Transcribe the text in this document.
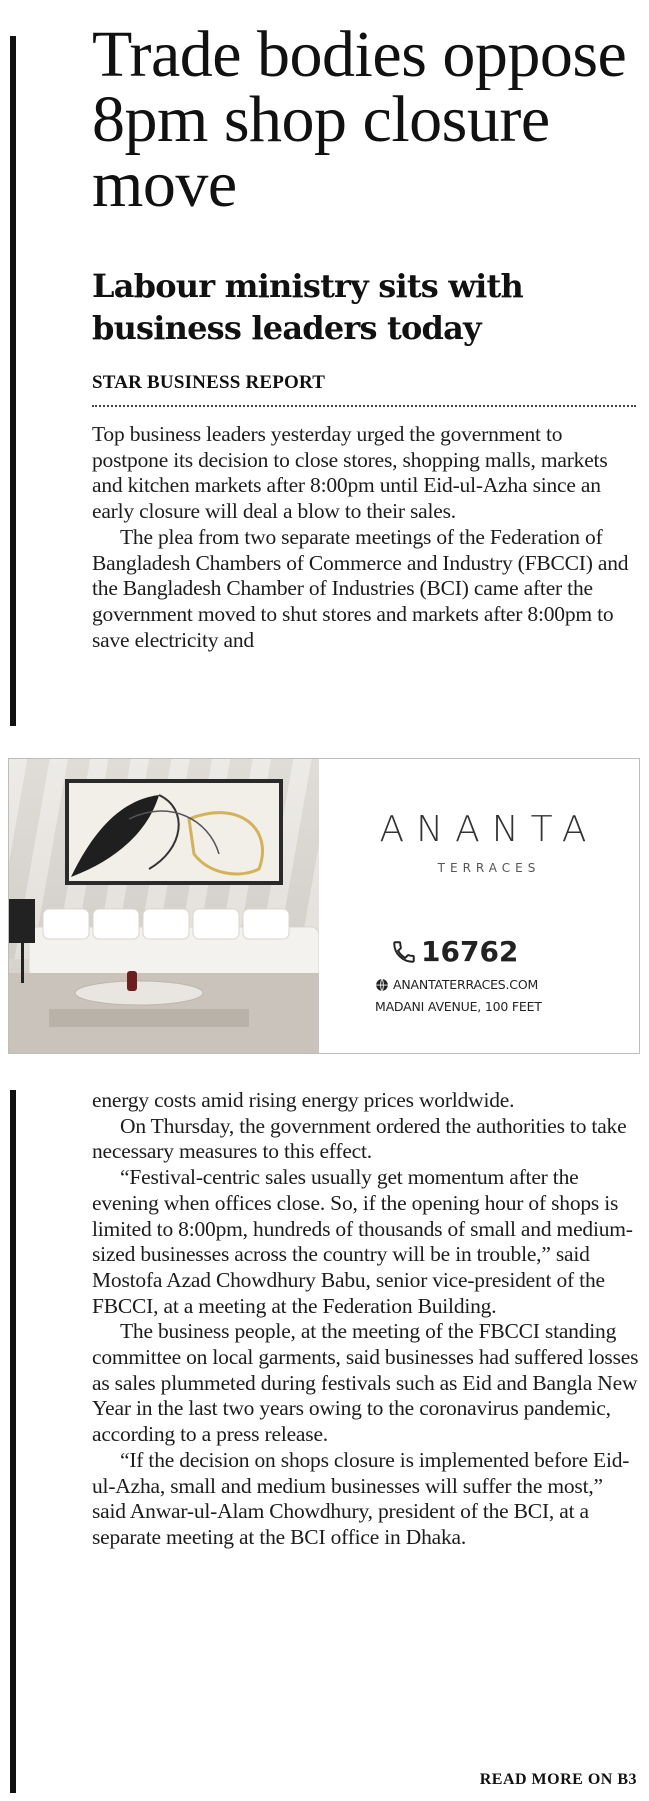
Trade bodies oppose 8pm shop closure move
Labour ministry sits with business leaders today

STAR BUSINESS REPORT

Top business leaders yesterday urged the government to postpone its decision to close stores, shopping malls, markets and kitchen markets after 8:00pm until Eid-ul-Azha since an early closure will deal a blow to their sales.

The plea from two separate meetings of the Federation of Bangladesh Chambers of Commerce and Industry (FBCCI) and the Bangladesh Chamber of Industries (BCI) came after the government moved to shut stores and markets after 8:00pm to save electricity and

ANANTA
TERRACES
16762
ANANTATERRACES.COM
MADANI AVENUE, 100 FEET

energy costs amid rising energy prices worldwide.

On Thursday, the government ordered the authorities to take necessary measures to this effect.

“Festival-centric sales usually get momentum after the evening when offices close. So, if the opening hour of shops is limited to 8:00pm, hundreds of thousands of small and medium-sized businesses across the country will be in trouble,” said Mostofa Azad Chowdhury Babu, senior vice-president of the FBCCI, at a meeting at the Federation Building.

The business people, at the meeting of the FBCCI standing committee on local garments, said businesses had suffered losses as sales plummeted during festivals such as Eid and Bangla New Year in the last two years owing to the coronavirus pandemic, according to a press release.

“If the decision on shops closure is implemented before Eid-ul-Azha, small and medium businesses will suffer the most,” said Anwar-ul-Alam Chowdhury, president of the BCI, at a separate meeting at the BCI office in Dhaka.

READ MORE ON B3
